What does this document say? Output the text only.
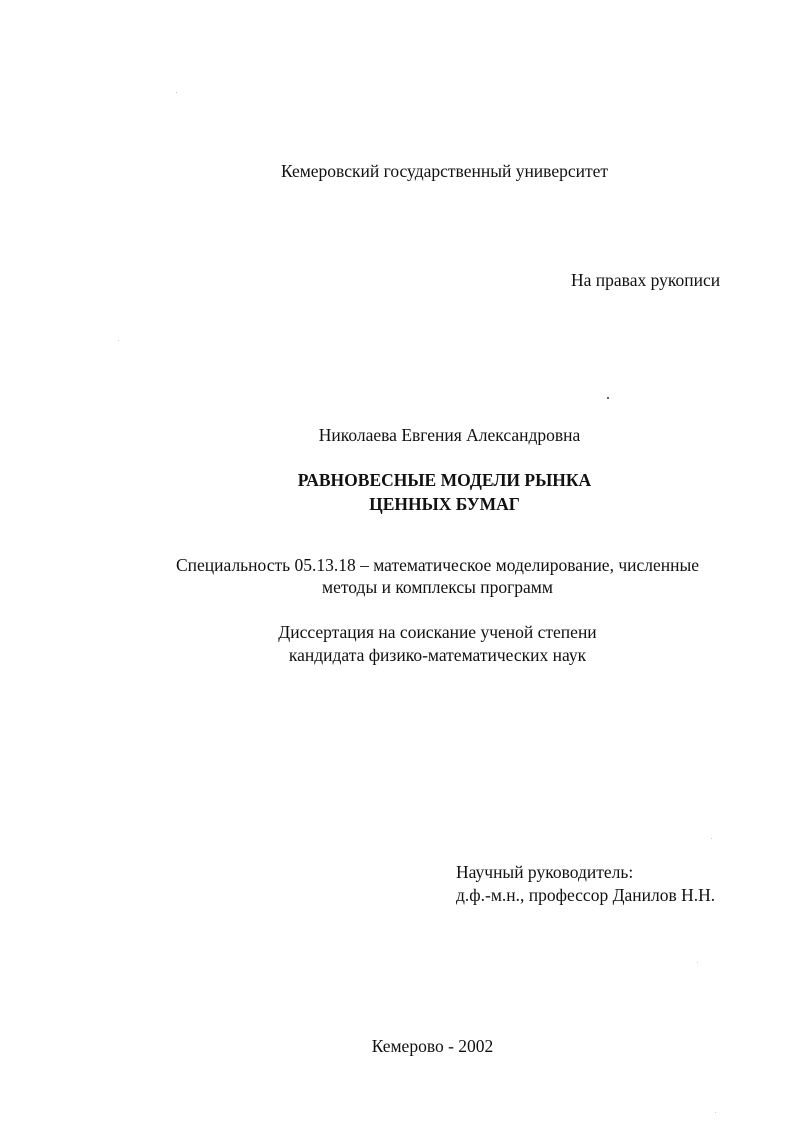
Кемеровский государственный университет
На правах рукописи
Николаева Евгения Александровна
РАВНОВЕСНЫЕ МОДЕЛИ РЫНКА
ЦЕННЫХ БУМАГ
Специальность 05.13.18 – математическое моделирование, численные
методы и комплексы программ
Диссертация на соискание ученой степени
кандидата физико-математических наук
Научный руководитель:
д.ф.-м.н., профессор Данилов Н.Н.
Кемерово - 2002
